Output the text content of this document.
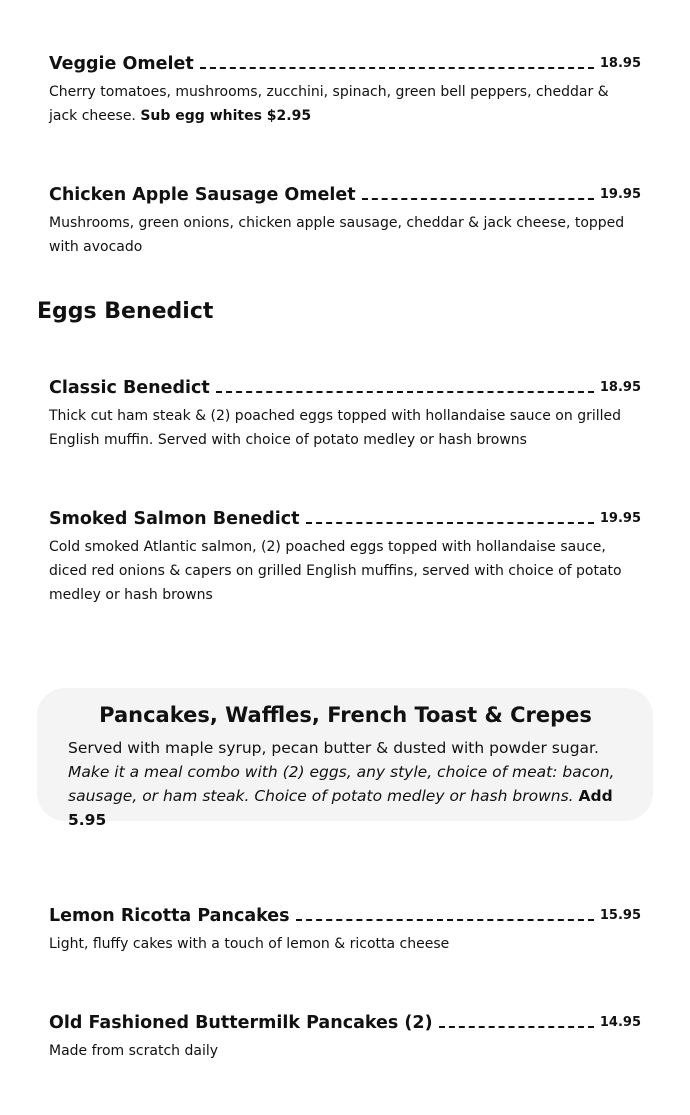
Veggie Omelet	18.95
Cherry tomatoes, mushrooms, zucchini, spinach, green bell peppers, cheddar & jack cheese. Sub egg whites $2.95
Chicken Apple Sausage Omelet	19.95
Mushrooms, green onions, chicken apple sausage, cheddar & jack cheese, topped with avocado
Eggs Benedict
Classic Benedict	18.95
Thick cut ham steak & (2) poached eggs topped with hollandaise sauce on grilled English muffin. Served with choice of potato medley or hash browns
Smoked Salmon Benedict	19.95
Cold smoked Atlantic salmon, (2) poached eggs topped with hollandaise sauce, diced red onions & capers on grilled English muffins, served with choice of potato medley or hash browns
Pancakes, Waffles, French Toast & Crepes
Served with maple syrup, pecan butter & dusted with powder sugar.
Make it a meal combo with (2) eggs, any style, choice of meat: bacon, sausage, or ham steak. Choice of potato medley or hash browns. Add 5.95
Lemon Ricotta Pancakes	15.95
Light, fluffy cakes with a touch of lemon & ricotta cheese
Old Fashioned Buttermilk Pancakes (2)	14.95
Made from scratch daily
